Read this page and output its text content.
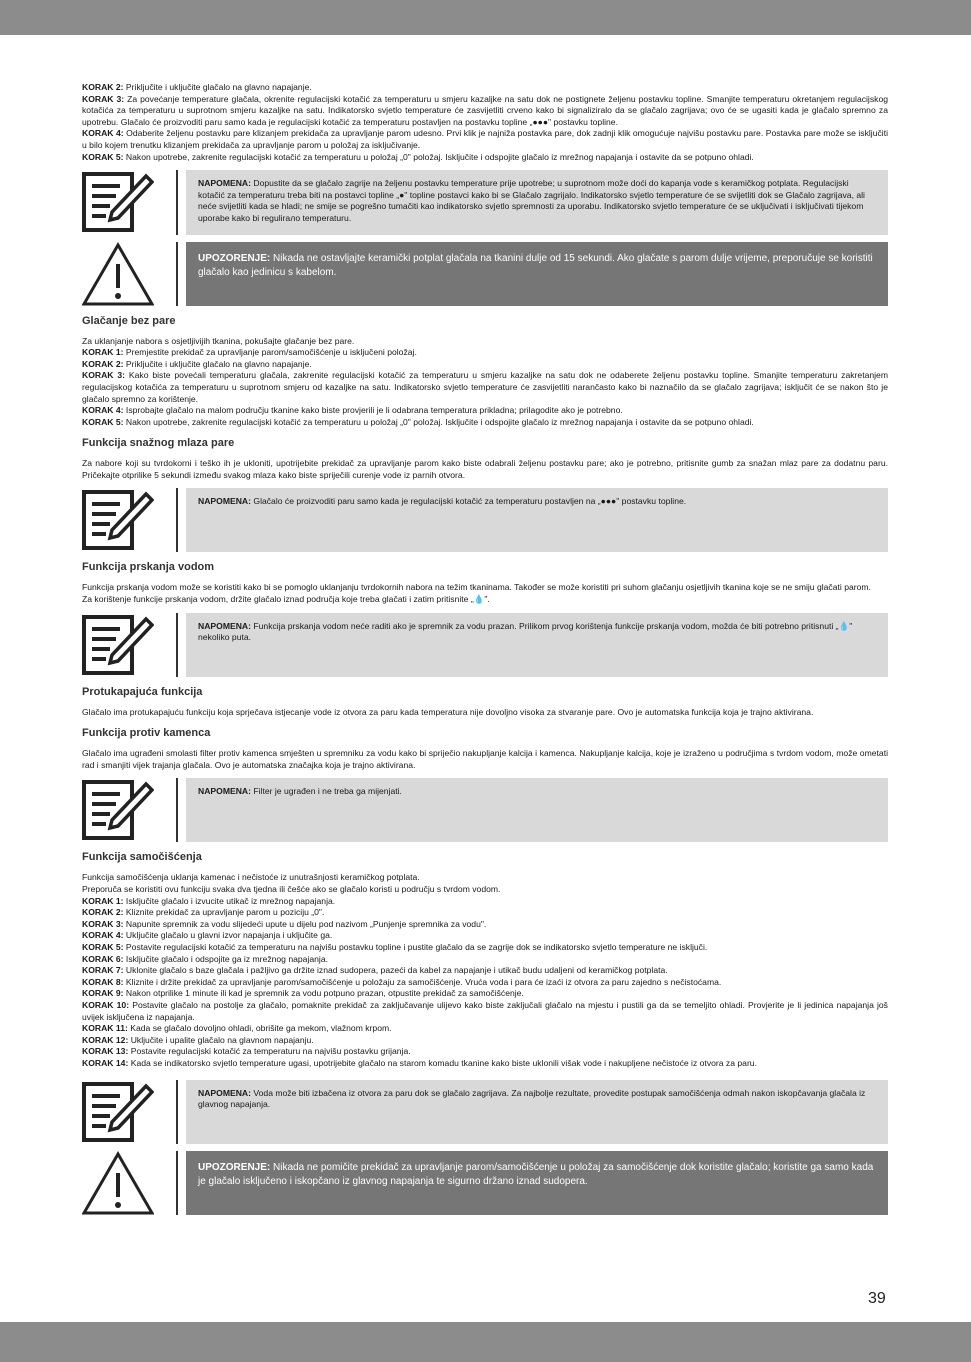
KORAK 2: Priključite i uključite glačalo na glavno napajanje.

KORAK 3: Za povećanje temperature glačala, okrenite regulacijski kotačić za temperaturu u smjeru kazaljke na satu dok ne postignete željenu postavku topline. Smanjite temperaturu okretanjem regulacijskog kotačića za temperaturu u suprotnom smjeru kazaljke na satu. Indikatorsko svjetlo temperature će zasvijetliti crveno kako bi signaliziralo da se glačalo zagrijava; ovo će se ugasiti kada je glačalo spremno za upotrebu. Glačalo će proizvoditi paru samo kada je regulacijski kotačić za temperaturu postavljen na postavku topline „●●●" postavku topline.

KORAK 4: Odaberite željenu postavku pare klizanjem prekidača za upravljanje parom udesno. Prvi klik je najniža postavka pare, dok zadnji klik omogućuje najvišu postavku pare. Postavka pare može se isključiti u bilo kojem trenutku klizanjem prekidača za upravljanje parom u položaj za isključivanje.

KORAK 5: Nakon upotrebe, zakrenite regulacijski kotačić za temperaturu u položaj „0" položaj. Isključite i odspojite glačalo iz mrežnog napajanja i ostavite da se potpuno ohladi.

NAPOMENA: Dopustite da se glačalo zagrije na željenu postavku temperature prije upotrebe; u suprotnom može doći do kapanja vode s keramičkog potplata. Regulacijski kotačić za temperaturu treba biti na postavci topline „●" topline postavci kako bi se Glačalo zagrijalo. Indikatorsko svjetlo temperature će se svijetliti dok se Glačalo zagrijava, ali neće svijetliti kada se hladi; ne smije se pogrešno tumačiti kao indikatorsko svjetlo spremnosti za uporabu. Indikatorsko svjetlo temperature će se uključivati i isključivati tijekom uporabe kako bi regulirало temperaturu.
UPOZORENJE: Nikada ne ostavljajte keramički potplat glačala na tkanini dulje od 15 sekundi. Ako glačate s parom dulje vrijeme, preporučuje se koristiti glačalo kao jedinicu s kabelom.
Glačanje bez pare

Za uklanjanje nabora s osjetljivijih tkanina, pokušajte glačanje bez pare.

KORAK 1: Premjestite prekidač za upravljanje parom/samočišćenje u isključeni položaj.

KORAK 2: Priključite i uključite glačalo na glavno napajanje.

KORAK 3: Kako biste povećali temperaturu glačala, zakrenite regulacijski kotačić za temperaturu u smjeru kazaljke na satu dok ne odaberete željenu postavku topline. Smanjite temperaturu zakretanjem regulacijskog kotačića za temperaturu u suprotnom smjeru od kazaljke na satu. Indikatorsko svjetlo temperature će zasvijetliti narančasto kako bi naznačilo da se glačalo zagrijava; isključit će se nakon što je glačalo spremno za korištenje.

KORAK 4: Isprobajte glačalo na malom području tkanine kako biste provjerili je li odabrana temperatura prikladna; prilagodite ako je potrebno.

KORAK 5: Nakon upotrebe, zakrenite regulacijski kotačić za temperaturu u položaj „0" položaj. Isključite i odspojite glačalo iz mrežnog napajanja i ostavite da se potpuno ohladi.

Funkcija snažnog mlaza pare

Za nabore koji su tvrdokorni i teško ih je ukloniti, upotrijebite prekidač za upravljanje parom kako biste odabrali željenu postavku pare; ako je potrebno, pritisnite gumb za snažan mlaz pare za dodatnu paru. Pričekajte otprilike 5 sekundi između svakog mlaza kako biste spriječili curenje vode iz parnih otvora.

NAPOMENA: Glačalo će proizvoditi paru samo kada je regulacijski kotačić za temperaturu postavljen na „●●●" postavku topline.
Funkcija prskanja vodom

Funkcija prskanja vodom može se koristiti kako bi se pomoglo uklanjanju tvrdokornih nabora na težim tkaninama. Također se može koristiti pri suhom glačanju osjetljivih tkanina koje se ne smiju glačati parom.

Za korištenje funkcije prskanja vodom, držite glačalo iznad područja koje treba glačati i zatim pritisnite „💧".

NAPOMENA: Funkcija prskanja vodom neće raditi ako je spremnik za vodu prazan. Prilikom prvog korištenja funkcije prskanja vodom, možda će biti potrebno pritisnuti „💧" nekoliko puta.
Protukapajuća funkcija

Glačalo ima protukapajuću funkciju koja sprječava istjecanje vode iz otvora za paru kada temperatura nije dovoljno visoka za stvaranje pare. Ovo je automatska funkcija koja je trajno aktivirana.

Funkcija protiv kamenca

Glačalo ima ugrađeni smolasti filter protiv kamenca smješten u spremniku za vodu kako bi spriječio nakupljanje kalcija i kamenca. Nakupljanje kalcija, koje je izraženo u područjima s tvrdom vodom, može ometati rad i smanjiti vijek trajanja glačala. Ovo je automatska značajka koja je trajno aktivirana.

NAPOMENA: Filter je ugrađen i ne treba ga mijenjati.
Funkcija samočišćenja

Funkcija samočišćenja uklanja kamenac i nečistoće iz unutrašnjosti keramičkog potplata.

Preporuča se koristiti ovu funkciju svaka dva tjedna ili češće ako se glačalo koristi u području s tvrdom vodom.

KORAK 1: Isključite glačalo i izvucite utikač iz mrežnog napajanja.

KORAK 2: Kliznite prekidač za upravljanje parom u poziciju „0".

KORAK 3: Napunite spremnik za vodu slijedeći upute u dijelu pod nazivom „Punjenje spremnika za vodu".

KORAK 4: Uključite glačalo u glavni izvor napajanja i uključite ga.

KORAK 5: Postavite regulacijski kotačić za temperaturu na najvišu postavku topline i pustite glačalo da se zagrije dok se indikatorsko svjetlo temperature ne isključi.

KORAK 6: Isključite glačalo i odspojite ga iz mrežnog napajanja.

KORAK 7: Uklonite glačalo s baze glačala i pažljivo ga držite iznad sudopera, pazeći da kabel za napajanje i utikač budu udaljeni od keramičkog potplata.

KORAK 8: Kliznite i držite prekidač za upravljanje parom/samočišćenje u položaju za samočišćenje. Vruća voda i para će izaći iz otvora za paru zajedno s nečistoćama.

KORAK 9: Nakon otprilike 1 minute ili kad je spremnik za vodu potpuno prazan, otpustite prekidač za samočišćenje.

KORAK 10: Postavite glačalo na postolje za glačalo, pomaknite prekidač za zaključavanje ulijevo kako biste zaključali glačalo na mjestu i pustili ga da se temeljito ohladi. Provjerite je li jedinica napajanja još uvijek isključena iz napajanja.

KORAK 11: Kada se glačalo dovoljno ohladi, obrišite ga mekom, vlažnom krpom.

KORAK 12: Uključite i upalite glačalo na glavnom napajanju.

KORAK 13: Postavite regulacijski kotačić za temperaturu na najvišu postavku grijanja.

KORAK 14: Kada se indikatorsko svjetlo temperature ugasi, upotrijebite glačalo na starom komadu tkanine kako biste uklonili višak vode i nakupljene nečistoće iz otvora za paru.

NAPOMENA: Voda može biti izbačena iz otvora za paru dok se glačalo zagrijava. Za najbolje rezultate, provedite postupak samočišćenja odmah nakon iskopčavanja glačala iz glavnog napajanja.
UPOZORENJE: Nikada ne pomičite prekidač za upravljanje parom/samočišćenje u položaj za samočišćenje dok koristite glačalo; koristite ga samo kada je glačalo isključeno i iskopčano iz glavnog napajanja te sigurno držano iznad sudopera.
39
